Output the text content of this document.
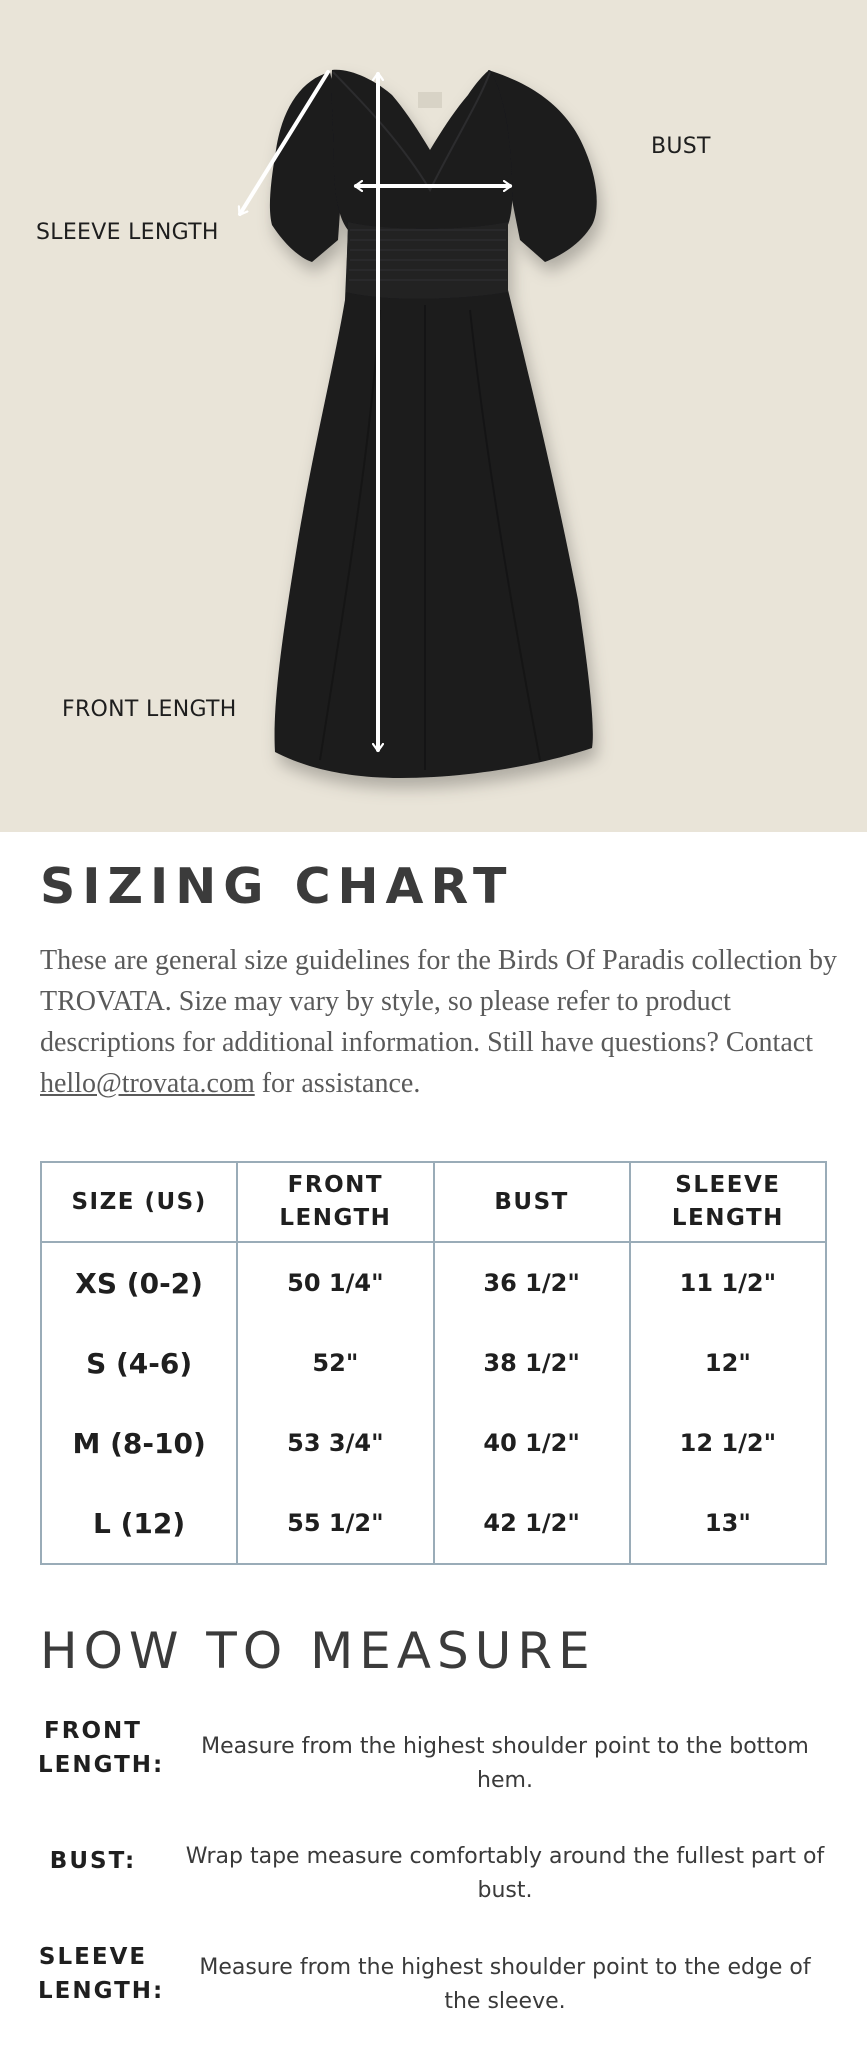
BUST
SLEEVE LENGTH
FRONT LENGTH
SIZING CHART

These are general size guidelines for the Birds Of Paradis collection by TROVATA. Size may vary by style, so please refer to product descriptions for additional information. Still have questions? Contact hello@trovata.com for assistance.

SIZE (US)	FRONT LENGTH	BUST	SLEEVE LENGTH
XS (0-2)	50 1/4"	36 1/2"	11 1/2"
S (4-6)	52"	38 1/2"	12"
M (8-10)	53 3/4"	40 1/2"	12 1/2"
L (12)	55 1/2"	42 1/2"	13"
HOW TO MEASURE
FRONT LENGTH:
Measure from the highest shoulder point to the bottom hem.
BUST:	Wrap tape measure comfortably around the fullest part of bust.
SLEEVE LENGTH:
Measure from the highest shoulder point to the edge of the sleeve.
